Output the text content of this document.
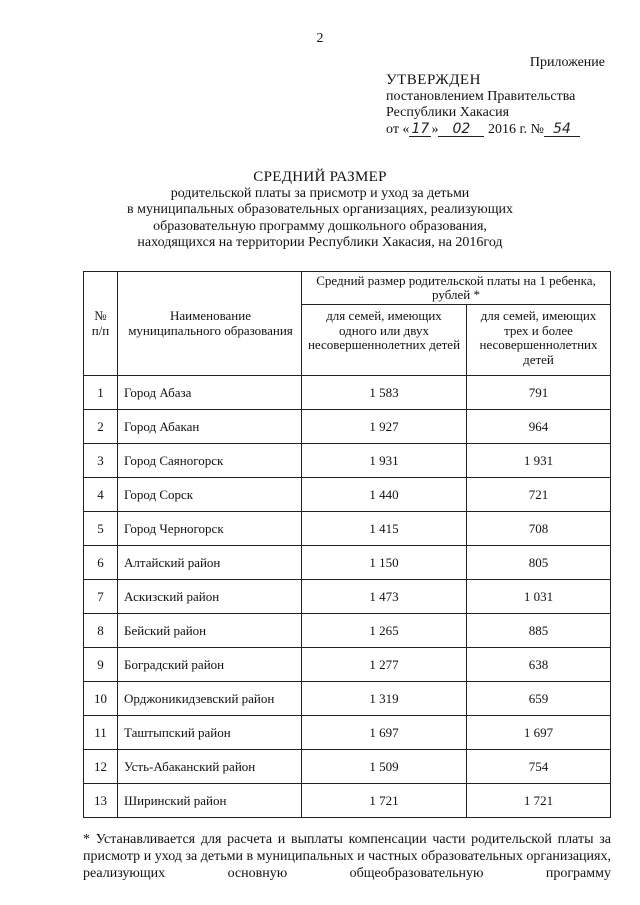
2
Приложение
УТВЕРЖДЕН
постановлением Правительства
Республики Хакасия
от « 17 » 02 2016 г. № 54
СРЕДНИЙ РАЗМЕР
родительской платы за присмотр и уход за детьми
в муниципальных образовательных организациях, реализующих
образовательную программу дошкольного образования,
находящихся на территории Республики Хакасия, на 2016год
№ п/п	Наименование муниципального образования	Средний размер родительской платы на 1 ребенка, рублей *	
		для семей, имеющих одного или двух несовершеннолетних детей	для семей, имеющих трех и более несовершеннолетних детей
1	Город Абаза	1 583	791
2	Город Абакан	1 927	964
3	Город Саяногорск	1 931	1 931
4	Город Сорск	1 440	721
5	Город Черногорск	1 415	708
6	Алтайский район	1 150	805
7	Аскизский район	1 473	1 031
8	Бейский район	1 265	885
9	Боградский район	1 277	638
10	Орджоникидзевский район	1 319	659
11	Таштыпский район	1 697	1 697
12	Усть-Абаканский район	1 509	754
13	Ширинский район	1 721	1 721
* Устанавливается для расчета и выплаты компенсации части родительской платы за присмотр и уход за детьми в муниципальных и частных образовательных организациях, реализующих основную общеобразовательную программу
